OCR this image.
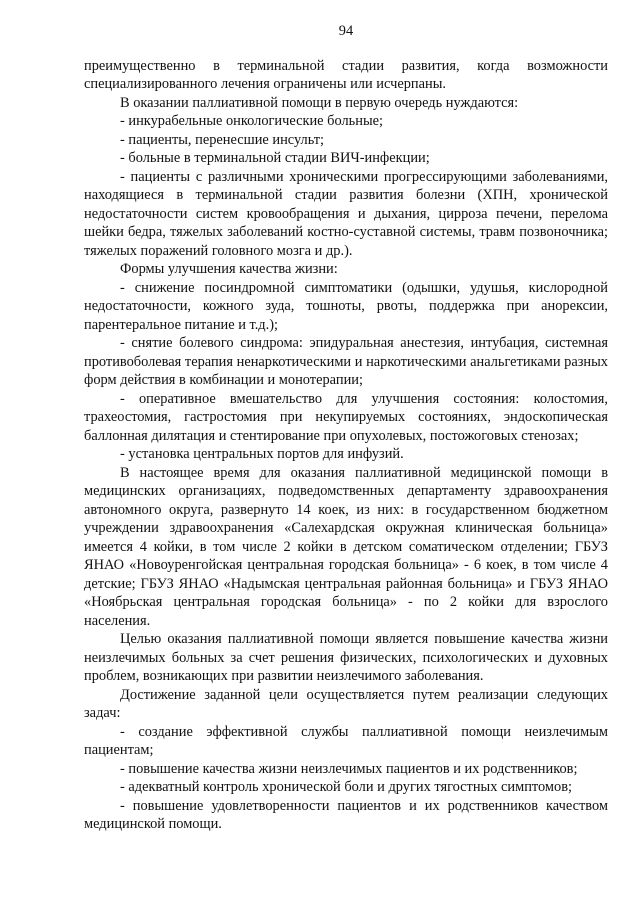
94

преимущественно в терминальной стадии развития, когда возможности специализированного лечения ограничены или исчерпаны.

В оказании паллиативной помощи в первую очередь нуждаются:

- инкурабельные онкологические больные;

- пациенты, перенесшие инсульт;

- больные в терминальной стадии ВИЧ-инфекции;

- пациенты с различными хроническими прогрессирующими заболеваниями, находящиеся в терминальной стадии развития болезни (ХПН, хронической недостаточности систем кровообращения и дыхания, цирроза печени, перелома шейки бедра, тяжелых заболеваний костно-суставной системы, травм позвоночника; тяжелых поражений головного мозга и др.).

Формы улучшения качества жизни:

- снижение посиндромной симптоматики (одышки, удушья, кислородной недостаточности, кожного зуда, тошноты, рвоты, поддержка при анорексии, парентеральное питание и т.д.);

- снятие болевого синдрома: эпидуральная анестезия, интубация, системная противоболевая терапия ненаркотическими и наркотическими анальгетиками разных форм действия в комбинации и монотерапии;

- оперативное вмешательство для улучшения состояния: колостомия, трахеостомия, гастростомия при некупируемых состояниях, эндоскопическая баллонная дилятация и стентирование при опухолевых, постожоговых стенозах;

- установка центральных портов для инфузий.

В настоящее время для оказания паллиативной медицинской помощи в медицинских организациях, подведомственных департаменту здравоохранения автономного округа, развернуто 14 коек, из них: в государственном бюджетном учреждении здравоохранения «Салехардская окружная клиническая больница» имеется 4 койки, в том числе 2 койки в детском соматическом отделении; ГБУЗ ЯНАО «Новоуренгойская центральная городская больница» - 6 коек, в том числе 4 детские; ГБУЗ ЯНАО «Надымская центральная районная больница» и ГБУЗ ЯНАО «Ноябрьская центральная городская больница» - по 2 койки для взрослого населения.

Целью оказания паллиативной помощи является повышение качества жизни неизлечимых больных за счет решения физических, психологических и духовных проблем, возникающих при развитии неизлечимого заболевания.

Достижение заданной цели осуществляется путем реализации следующих задач:

- создание эффективной службы паллиативной помощи неизлечимым пациентам;

- повышение качества жизни неизлечимых пациентов и их родственников;

- адекватный контроль хронической боли и других тягостных симптомов;

- повышение удовлетворенности пациентов и их родственников качеством медицинской помощи.
